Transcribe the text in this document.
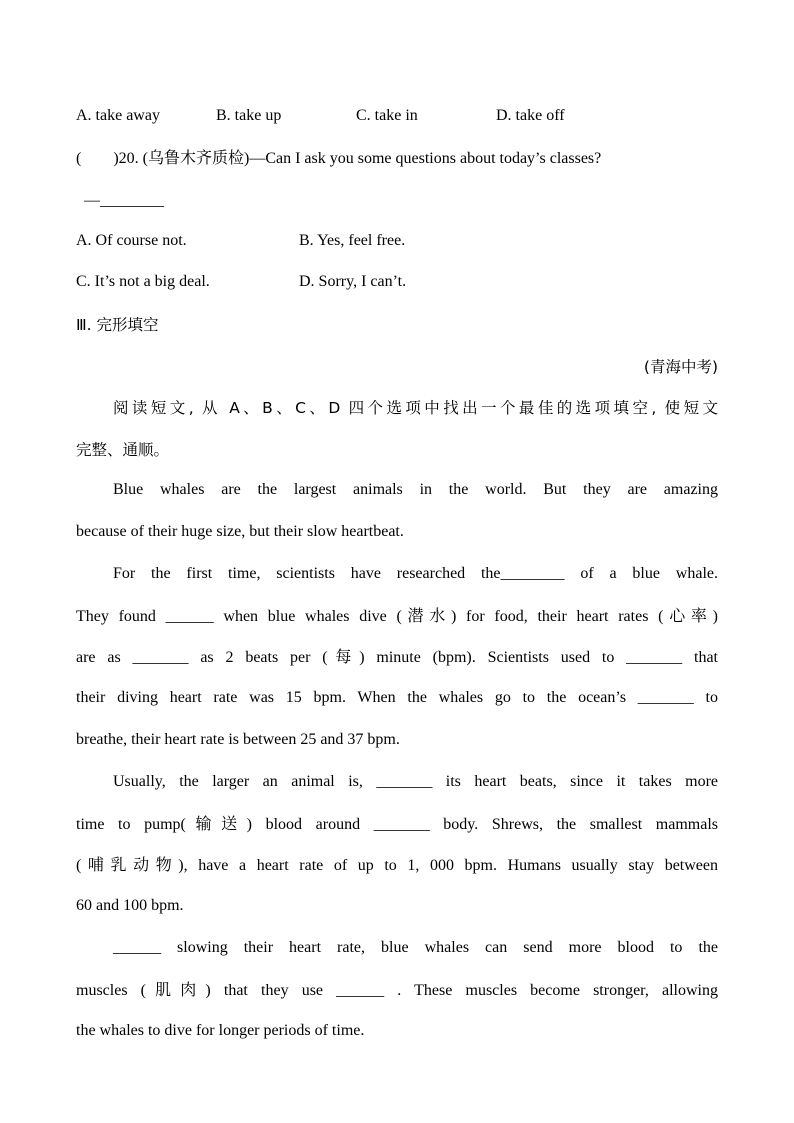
A. take away	B. take up	C. take in	D. take off
(　　)20. (乌鲁木齐质检)—Can I ask you some questions about today’s classes?
—________
A. Of course not.	B. Yes, feel free.
C. It’s not a big deal.	D. Sorry, I can’t.
Ⅲ. 完形填空
(青海中考)
阅读短文, 从 A、B、C、D 四个选项中找出一个最佳的选项填空, 使短文
完整、通顺。
Blue whales are the largest animals in the world. But they are amazing
because of their huge size, but their slow heartbeat.
For the first time, scientists have researched the________ of a blue whale.
They found ______ when blue whales dive (潜水) for food, their heart rates (心率)
are as _______ as 2 beats per (每) minute (bpm). Scientists used to _______ that
their diving heart rate was 15 bpm. When the whales go to the ocean’s _______ to
breathe, their heart rate is between 25 and 37 bpm.
Usually, the larger an animal is, _______ its heart beats, since it takes more
time to pump(输送) blood around _______ body. Shrews, the smallest mammals
(哺乳动物), have a heart rate of up to 1, 000 bpm. Humans usually stay between
60 and 100 bpm.
______ slowing their heart rate, blue whales can send more blood to the
muscles (肌肉) that they use ______ . These muscles become stronger, allowing
the whales to dive for longer periods of time.
